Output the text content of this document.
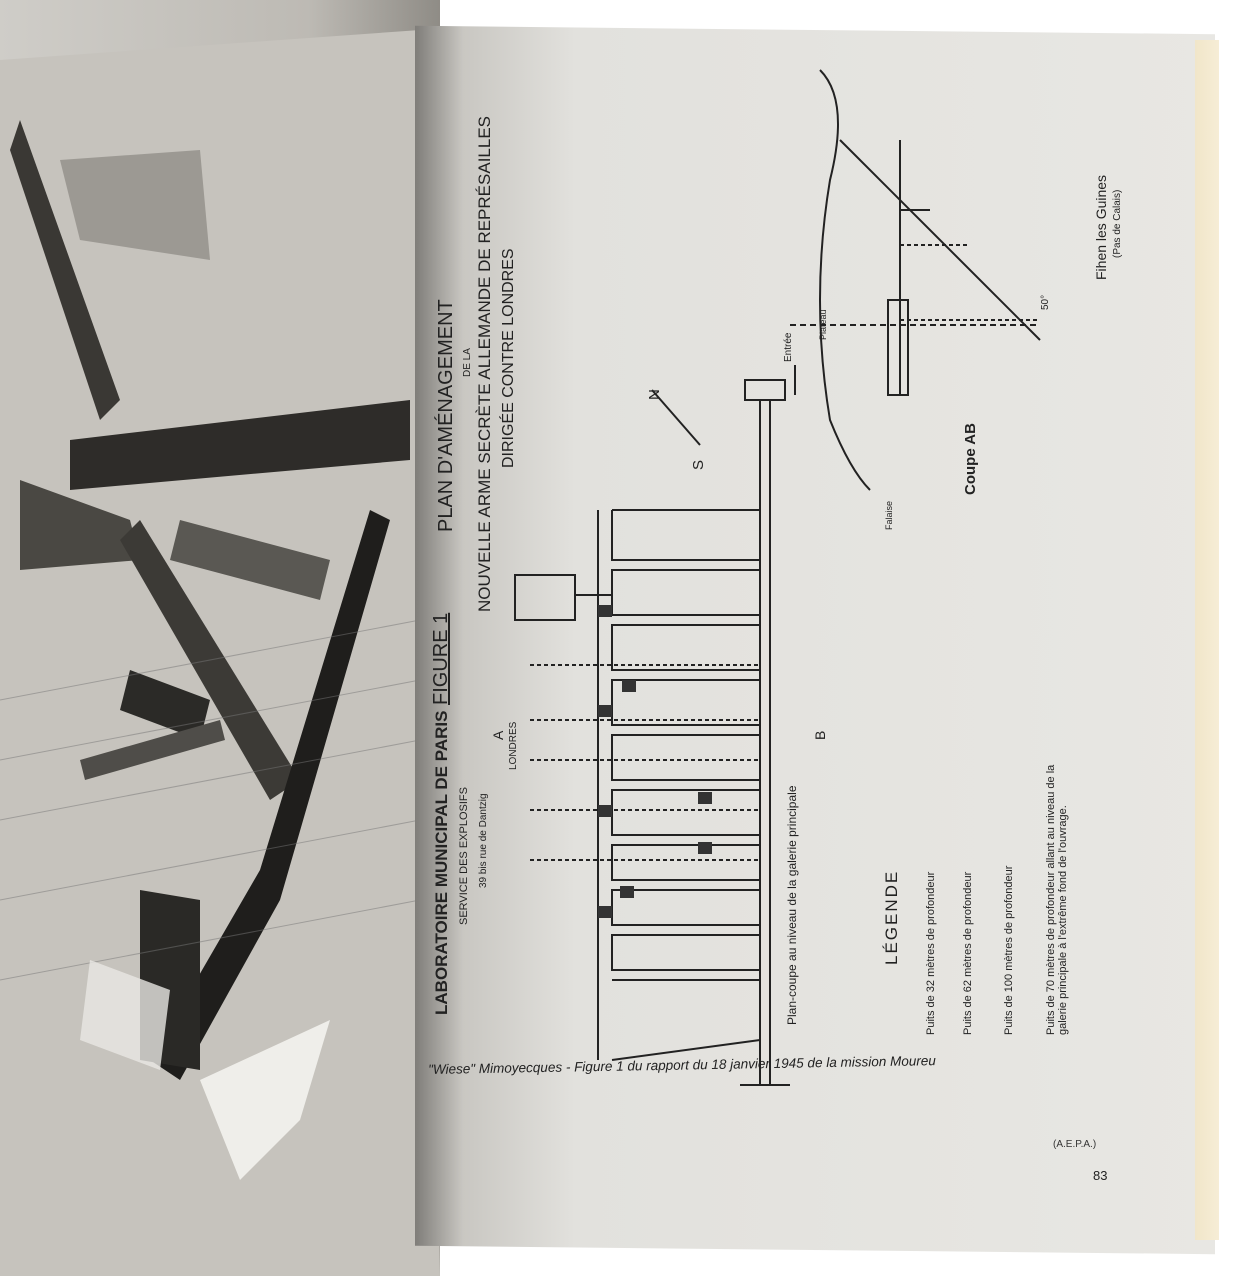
LABORATOIRE MUNICIPAL DE PARIS SERVICE DES EXPLOSIFS 39 bis rue de Dantzig
FIGURE 1
PLAN D'AMÉNAGEMENT DE LA NOUVELLE ARME SECRÈTE ALLEMANDE DE REPRÉSAILLES DIRIGÉE CONTRE LONDRES	N
S
Entrée
LONDRES
A	B
Plan-coupe au niveau de la galerie principale
Coupe AB
Plateau
Falaise
50°
Fihen les Guines (Pas de Calais)
LÉGENDE Puits de 32 mètres de profondeur Puits de 62 mètres de profondeur	Puits de 100 mètres de profondeur	Puits de 70 mètres de profondeur allant au niveau de la galerie principale à l'extrême fond de l'ouvrage.
"Wiese" Mimoyecques - Figure 1 du rapport du 18 janvier 1945 de la mission Moureu
(A.E.P.A.)
83
